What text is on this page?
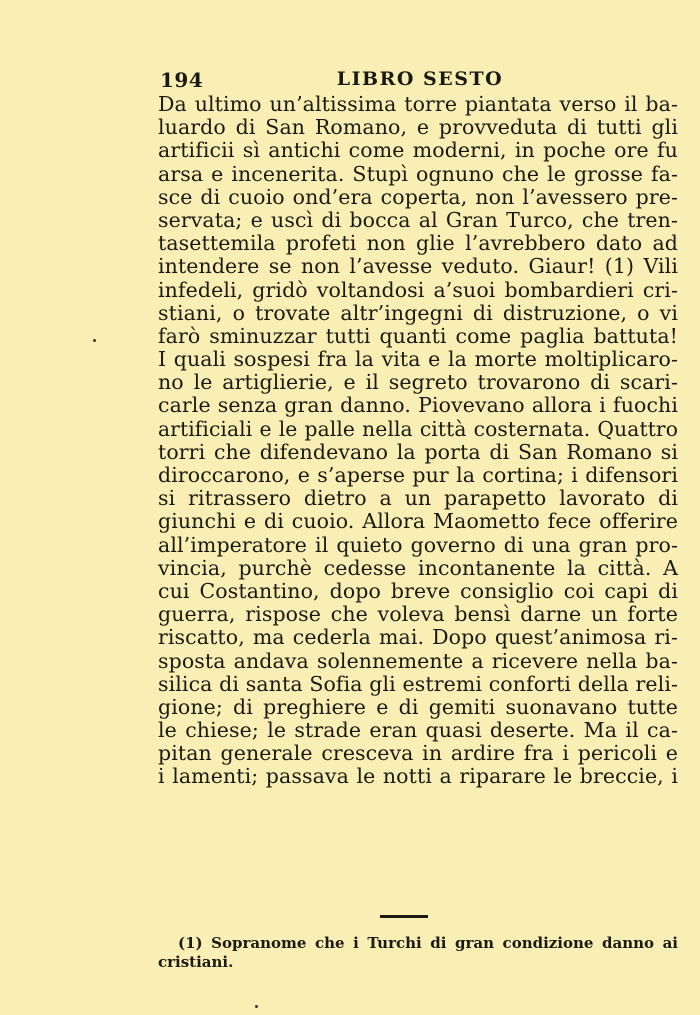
194	LIBRO SESTO
Da ultimo un’altissima torre piantata verso il ba-
luardo di San Romano, e provveduta di tutti gli
artificii sì antichi come moderni, in poche ore fu
arsa e incenerita. Stupì ognuno che le grosse fa-
sce di cuoio ond’era coperta, non l’avessero pre-
servata; e uscì di bocca al Gran Turco, che tren-
tasettemila profeti non glie l’avrebbero dato ad
intendere se non l’avesse veduto. Giaur! (1) Vili
infedeli, gridò voltandosi a’suoi bombardieri cri-
stiani, o trovate altr’ingegni di distruzione, o vi
farò sminuzzar tutti quanti come paglia battuta!
I quali sospesi fra la vita e la morte moltiplicaro-
no le artiglierie, e il segreto trovarono di scari-
carle senza gran danno. Piovevano allora i fuochi
artificiali e le palle nella città costernata. Quattro
torri che difendevano la porta di San Romano si
diroccarono, e s’aperse pur la cortina; i difensori
si ritrassero dietro a un parapetto lavorato di
giunchi e di cuoio. Allora Maometto fece offerire
all’imperatore il quieto governo di una gran pro-
vincia, purchè cedesse incontanente la città. A
cui Costantino, dopo breve consiglio coi capi di
guerra, rispose che voleva bensì darne un forte
riscatto, ma cederla mai. Dopo quest’animosa ri-
sposta andava solennemente a ricevere nella ba-
silica di santa Sofia gli estremi conforti della reli-
gione; di preghiere e di gemiti suonavano tutte
le chiese; le strade eran quasi deserte. Ma il ca-
pitan generale cresceva in ardire fra i pericoli e
i lamenti; passava le notti a riparare le breccie, i
(1) Sopranome che i Turchi di gran condizione danno ai
cristiani.
